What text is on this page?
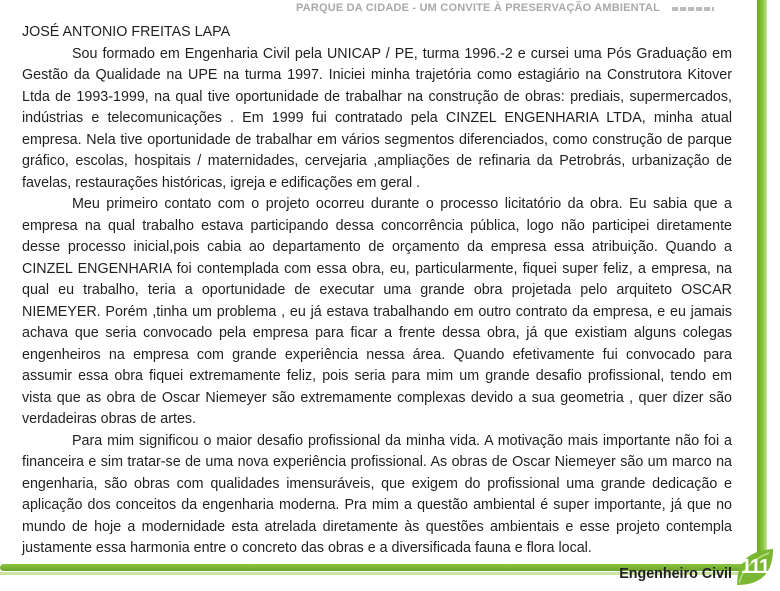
PARQUE DA CIDADE - UM CONVITE À PRESERVAÇÃO AMBIENTAL
111

JOSÉ ANTONIO FREITAS LAPA

Sou formado em Engenharia Civil pela UNICAP / PE, turma 1996.-2 e cursei uma Pós Graduação em Gestão da Qualidade na UPE na turma 1997. Iniciei minha trajetória como estagiário na Construtora Kitover Ltda de 1993-1999, na qual tive oportunidade de trabalhar na construção de obras: prediais, supermercados, indústrias e telecomunicações . Em 1999 fui contratado pela CINZEL ENGENHARIA LTDA, minha atual empresa. Nela tive oportunidade de trabalhar em vários segmentos diferenciados, como construção de parque gráfico, escolas, hospitais / maternidades, cervejaria ,ampliações de refinaria da Petrobrás, urbanização de favelas, restaurações históricas, igreja e edificações em geral .

Meu primeiro contato com o projeto ocorreu durante o processo licitatório da obra. Eu sabia que a empresa na qual trabalho estava participando dessa concorrência pública, logo não participei diretamente desse processo inicial,pois cabia ao departamento de orçamento da empresa essa atribuição. Quando a CINZEL ENGENHARIA foi contemplada com essa obra, eu, particularmente, fiquei super feliz, a empresa, na qual eu trabalho, teria a oportunidade de executar uma grande obra projetada pelo arquiteto OSCAR NIEMEYER. Porém ,tinha um problema , eu já estava trabalhando em outro contrato da empresa, e eu jamais achava que seria convocado pela empresa para ficar a frente dessa obra, já que existiam alguns colegas engenheiros na empresa com grande experiência nessa área. Quando efetivamente fui convocado para assumir essa obra fiquei extremamente feliz, pois seria para mim um grande desafio profissional, tendo em vista que as obra de Oscar Niemeyer são extremamente complexas devido a sua geometria , quer dizer são verdadeiras obras de artes.

Para mim significou o maior desafio profissional da minha vida. A motivação mais importante não foi a financeira e sim tratar-se de uma nova experiência profissional. As obras de Oscar Niemeyer são um marco na engenharia, são obras com qualidades imensuráveis, que exigem do profissional uma grande dedicação e aplicação dos conceitos da engenharia moderna. Pra mim a questão ambiental é super importante, já que no mundo de hoje a modernidade esta atrelada diretamente às questões ambientais e esse projeto contempla justamente essa harmonia entre o concreto das obras e a diversificada fauna e flora local.

Engenheiro Civil
